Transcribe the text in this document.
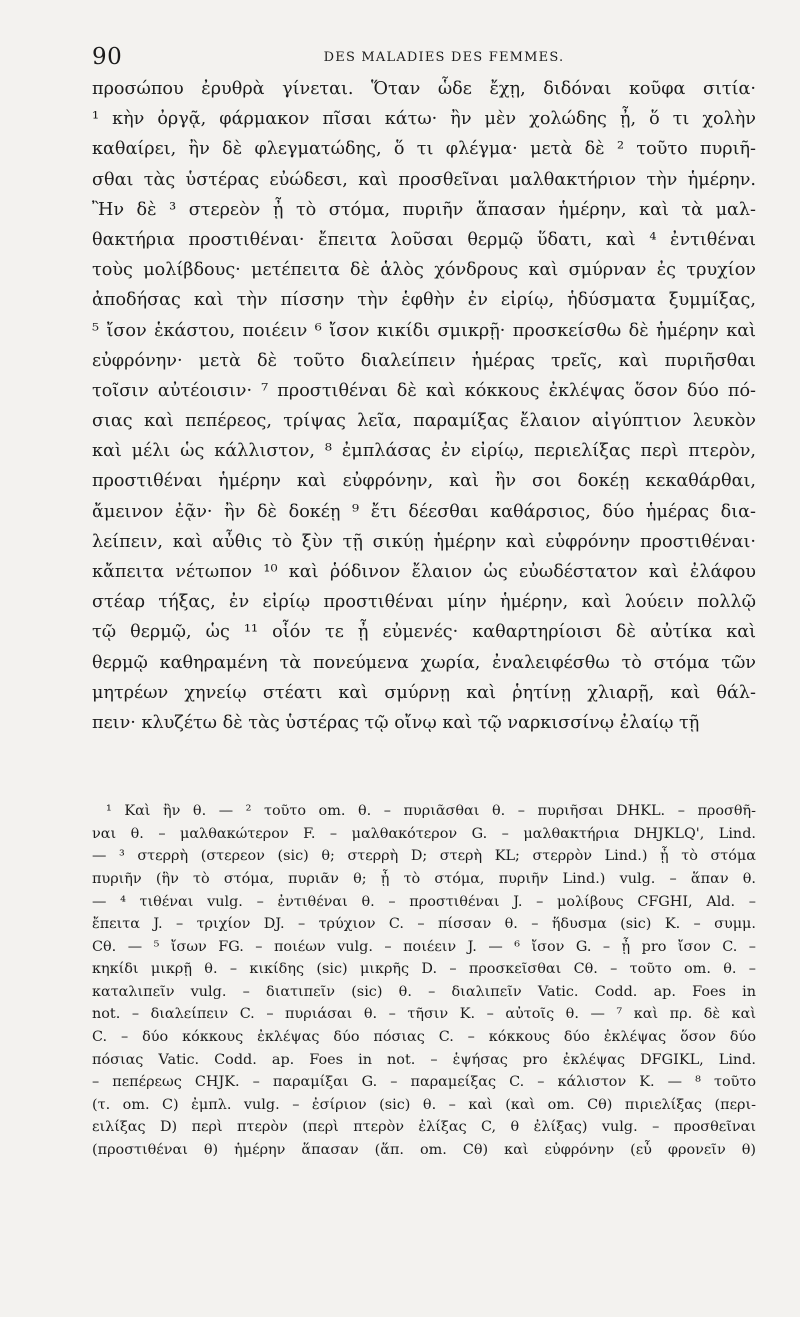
90	DES MALADIES DES FEMMES.
προσώπου ἐρυθρὰ γίνεται. Ὅταν ὧδε ἔχῃ, διδόναι κοῦφα σιτία·
¹ κὴν ὀργᾷ, φάρμακον πῖσαι κάτω· ἢν μὲν χολώδης ᾖ, ὅ τι χολὴν
καθαίρει, ἢν δὲ φλεγματώδης, ὅ τι φλέγμα· μετὰ δὲ ² τοῦτο πυριῆ-
σθαι τὰς ὑστέρας εὐώδεσι, καὶ προσθεῖναι μαλθακτήριον τὴν ἡμέρην.
Ἢν δὲ ³ στερεὸν ᾖ τὸ στόμα, πυριῆν ἅπασαν ἡμέρην, καὶ τὰ μαλ-
θακτήρια προστιθέναι· ἔπειτα λοῦσαι θερμῷ ὕδατι, καὶ ⁴ ἐντιθέναι
τοὺς μολίβδους· μετέπειτα δὲ ἁλὸς χόνδρους καὶ σμύρναν ἐς τρυχίον
ἀποδήσας καὶ τὴν πίσσην τὴν ἑφθὴν ἐν εἰρίῳ, ἡδύσματα ξυμμίξας,
⁵ ἴσον ἑκάστου, ποιέειν ⁶ ἴσον κικίδι σμικρῇ· προσκείσθω δὲ ἡμέρην καὶ
εὐφρόνην· μετὰ δὲ τοῦτο διαλείπειν ἡμέρας τρεῖς, καὶ πυριῆσθαι
τοῖσιν αὐτέοισιν· ⁷ προστιθέναι δὲ καὶ κόκκους ἐκλέψας ὅσον δύο πό-
σιας καὶ πεπέρεος, τρίψας λεῖα, παραμίξας ἔλαιον αἰγύπτιον λευκὸν
καὶ μέλι ὡς κάλλιστον, ⁸ ἐμπλάσας ἐν εἰρίῳ, περιελίξας περὶ πτερὸν,
προστιθέναι ἡμέρην καὶ εὐφρόνην, καὶ ἢν σοι δοκέῃ κεκαθάρθαι,
ἄμεινον ἐᾷν· ἢν δὲ δοκέῃ ⁹ ἔτι δέεσθαι καθάρσιος, δύο ἡμέρας δια-
λείπειν, καὶ αὖθις τὸ ξὺν τῇ σικύῃ ἡμέρην καὶ εὐφρόνην προστιθέναι·
κἄπειτα νέτωπον ¹⁰ καὶ ῥόδινον ἔλαιον ὡς εὐωδέστατον καὶ ἐλάφου
στέαρ τήξας, ἐν εἰρίῳ προστιθέναι μίην ἡμέρην, καὶ λούειν πολλῷ
τῷ θερμῷ, ὡς ¹¹ οἷόν τε ᾖ εὐμενές· καθαρτηρίοισι δὲ αὐτίκα καὶ
θερμῷ καθηραμένη τὰ πονεύμενα χωρία, ἐναλειφέσθω τὸ στόμα τῶν
μητρέων χηνείῳ στέατι καὶ σμύρνῃ καὶ ῥητίνῃ χλιαρῇ, καὶ θάλ-
πειν· κλυζέτω δὲ τὰς ὑστέρας τῷ οἴνῳ καὶ τῷ ναρκισσίνῳ ἐλαίῳ τῇ
¹ Καὶ ἢν θ. — ² τοῦτο om. θ. – πυριᾶσθαι θ. – πυριῆσαι DHKL. – προσθῆ-
ναι θ. – μαλθακώτερον F. – μαλθακότερον G. – μαλθακτήρια DHJKLQ', Lind.
— ³ στερρὴ (στερεον (sic) θ; στερρὴ D; στερὴ KL; στερρὸν Lind.) ᾖ τὸ στόμα
πυριῆν (ἣν τὸ στόμα, πυριᾶν θ; ᾖ τὸ στόμα, πυριῆν Lind.) vulg. – ἅπαν θ.
— ⁴ τιθέναι vulg. – ἐντιθέναι θ. – προστιθέναι J. – μολίβους CFGHI, Ald. –
ἔπειτα J. – τριχίον DJ. – τρύχιον C. – πίσσαν θ. – ἥδυσμα (sic) K. – συμμ.
Cθ. — ⁵ ἴσων FG. – ποιέων vulg. – ποιέειν J. — ⁶ ἴσον G. – ᾖ pro ἴσον C. –
κηκίδι μικρῇ θ. – κικίδης (sic) μικρῆς D. – προσκεῖσθαι Cθ. – τοῦτο om. θ. –
καταλιπεῖν vulg. – διατιπεῖν (sic) θ. – διαλιπεῖν Vatic. Codd. ap. Foes in
not. – διαλείπειν C. – πυριάσαι θ. – τῆσιν K. – αὐτοῖς θ. — ⁷ καὶ πρ. δὲ καὶ
C. – δύο κόκκους ἐκλέψας δύο πόσιας C. – κόκκους δύο ἐκλέψας ὅσον δύο
πόσιας Vatic. Codd. ap. Foes in not. – ἑψήσας pro ἐκλέψας DFGIKL, Lind.
– πεπέρεως CHJK. – παραμίξαι G. – παραμείξας C. – κάλιστον K. — ⁸ τοῦτο
(τ. om. C) ἐμπλ. vulg. – ἐσίριον (sic) θ. – καὶ (καὶ om. Cθ) πιριελίξας (περι-
ειλίξας D) περὶ πτερὸν (περὶ πτερὸν ἐλίξας C, θ ἐλίξας) vulg. – προσθεῖναι
(προστιθέναι θ) ἡμέρην ἅπασαν (ἅπ. om. Cθ) καὶ εὐφρόνην (εὖ φρονεῖν θ)
